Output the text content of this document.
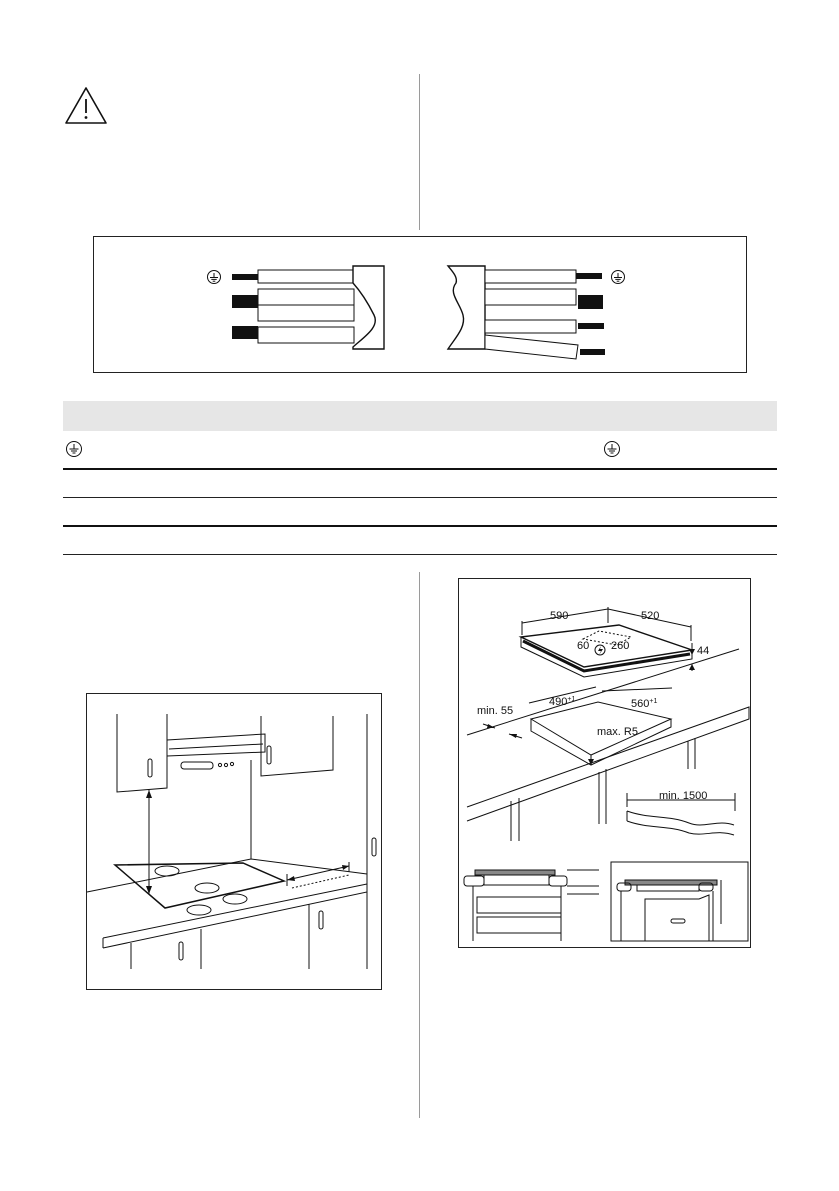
590	520
44
60 260
$490^{+1}$	$560^{+1}$
min. 55
max. R5
min. 1500
